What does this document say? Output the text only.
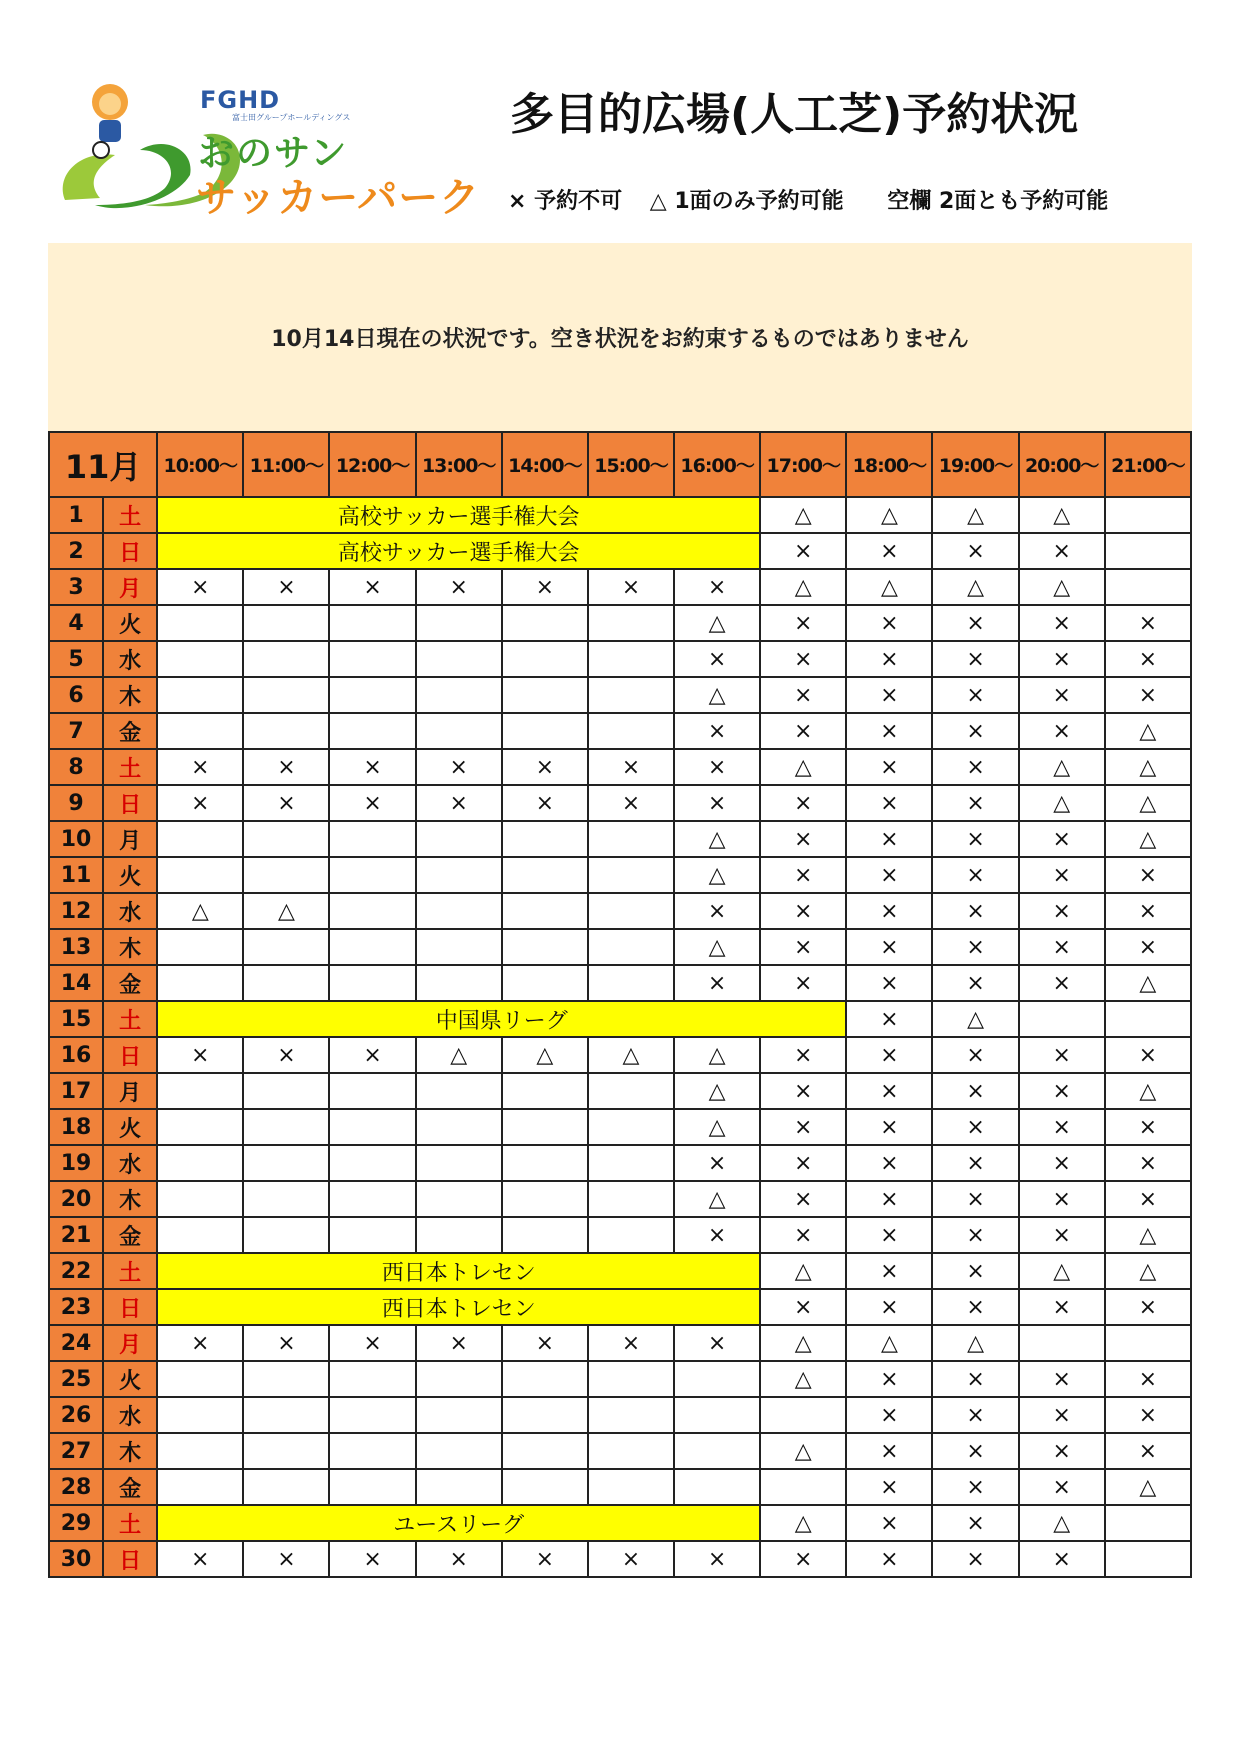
FGHD
富士田グループホールディングス
おのサン
サッカーパーク
多目的広場(人工芝)予約状況
× 予約不可 △ 1面のみ予約可能 空欄 2面とも予約可能
10月14日現在の状況です。空き状況をお約束するものではありません
11月		10:00～	11:00～	12:00～	13:00～	14:00～	15:00～	16:00～	17:00～	18:00～	19:00～	20:00～	21:00～
1	土	高校サッカー選手権大会							△	△	△	△	
2	日	高校サッカー選手権大会							×	×	×	×	
3	月	×	×	×	×	×	×	×	△	△	△	△	
4	火							△	×	×	×	×	×
5	水							×	×	×	×	×	×
6	木							△	×	×	×	×	×
7	金							×	×	×	×	×	△
8	土	×	×	×	×	×	×	×	△	×	×	△	△
9	日	×	×	×	×	×	×	×	×	×	×	△	△
10	月							△	×	×	×	×	△
11	火							△	×	×	×	×	×
12	水	△	△					×	×	×	×	×	×
13	木							△	×	×	×	×	×
14	金							×	×	×	×	×	△
15	土	中国県リーグ								×	△		
16	日	×	×	×	△	△	△	△	×	×	×	×	×
17	月							△	×	×	×	×	△
18	火							△	×	×	×	×	×
19	水							×	×	×	×	×	×
20	木							△	×	×	×	×	×
21	金							×	×	×	×	×	△
22	土	西日本トレセン							△	×	×	△	△
23	日	西日本トレセン							×	×	×	×	×
24	月	×	×	×	×	×	×	×	△	△	△		
25	火								△	×	×	×	×
26	水									×	×	×	×
27	木								△	×	×	×	×
28	金									×	×	×	△
29	土	ユースリーグ							△	×	×	△	
30	日	×	×	×	×	×	×	×	×	×	×	×	
